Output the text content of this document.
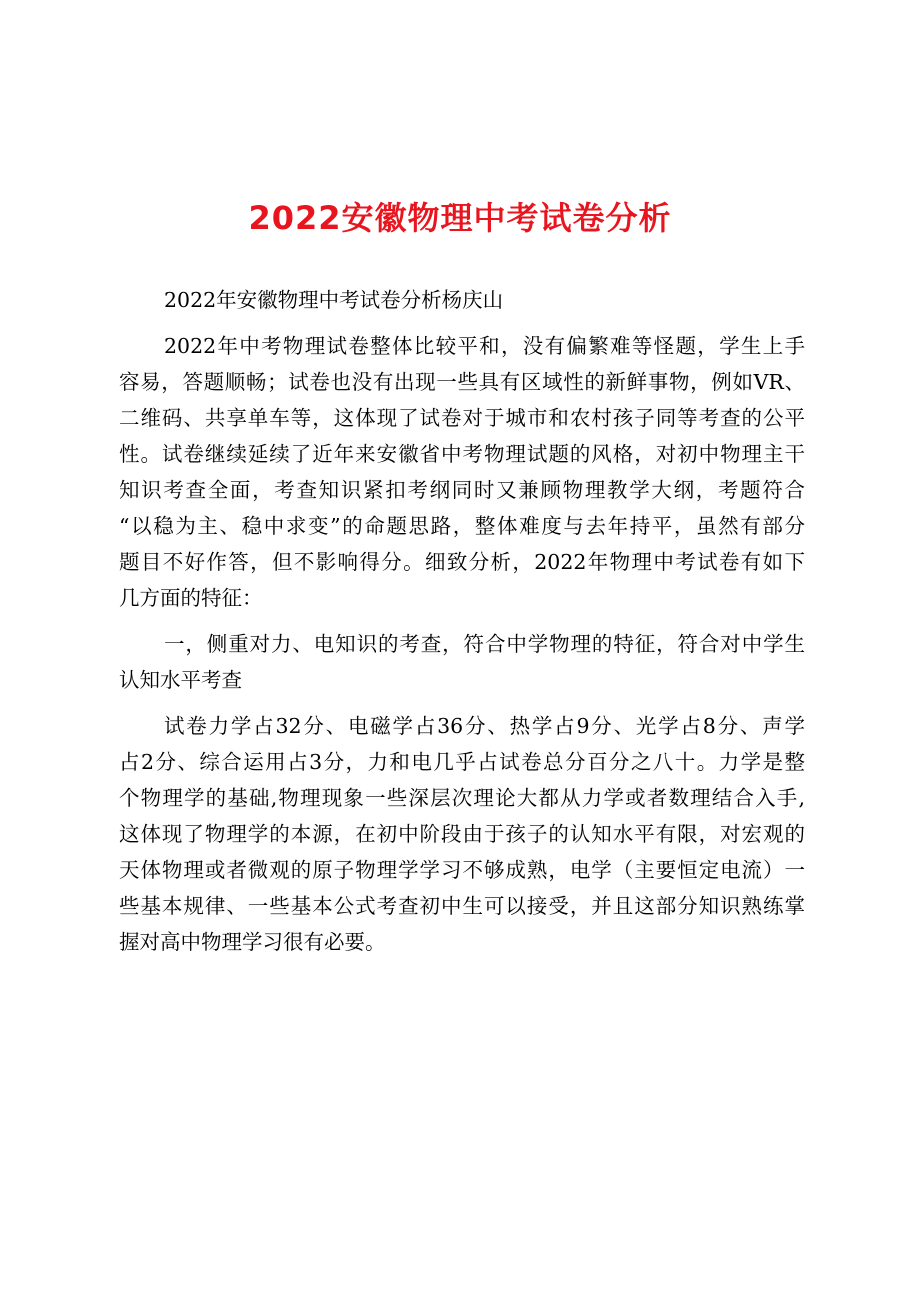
2022安徽物理中考试卷分析
2022年安徽物理中考试卷分析杨庆山
2022年中考物理试卷整体比较平和，没有偏繁难等怪题，学生上手
容易，答题顺畅；试卷也没有出现一些具有区域性的新鲜事物，例如VR、
二维码、共享单车等，这体现了试卷对于城市和农村孩子同等考查的公平
性。试卷继续延续了近年来安徽省中考物理试题的风格，对初中物理主干
知识考查全面，考查知识紧扣考纲同时又兼顾物理教学大纲，考题符合
“以稳为主、稳中求变”的命题思路，整体难度与去年持平，虽然有部分
题目不好作答，但不影响得分。细致分析，2022年物理中考试卷有如下
几方面的特征：
一，侧重对力、电知识的考查，符合中学物理的特征，符合对中学生
认知水平考查
试卷力学占32分、电磁学占36分、热学占9分、光学占8分、声学
占2分、综合运用占3分，力和电几乎占试卷总分百分之八十。力学是整
个物理学的基础,物理现象一些深层次理论大都从力学或者数理结合入手,
这体现了物理学的本源，在初中阶段由于孩子的认知水平有限，对宏观的
天体物理或者微观的原子物理学学习不够成熟，电学（主要恒定电流）一
些基本规律、一些基本公式考查初中生可以接受，并且这部分知识熟练掌
握对高中物理学习很有必要。
